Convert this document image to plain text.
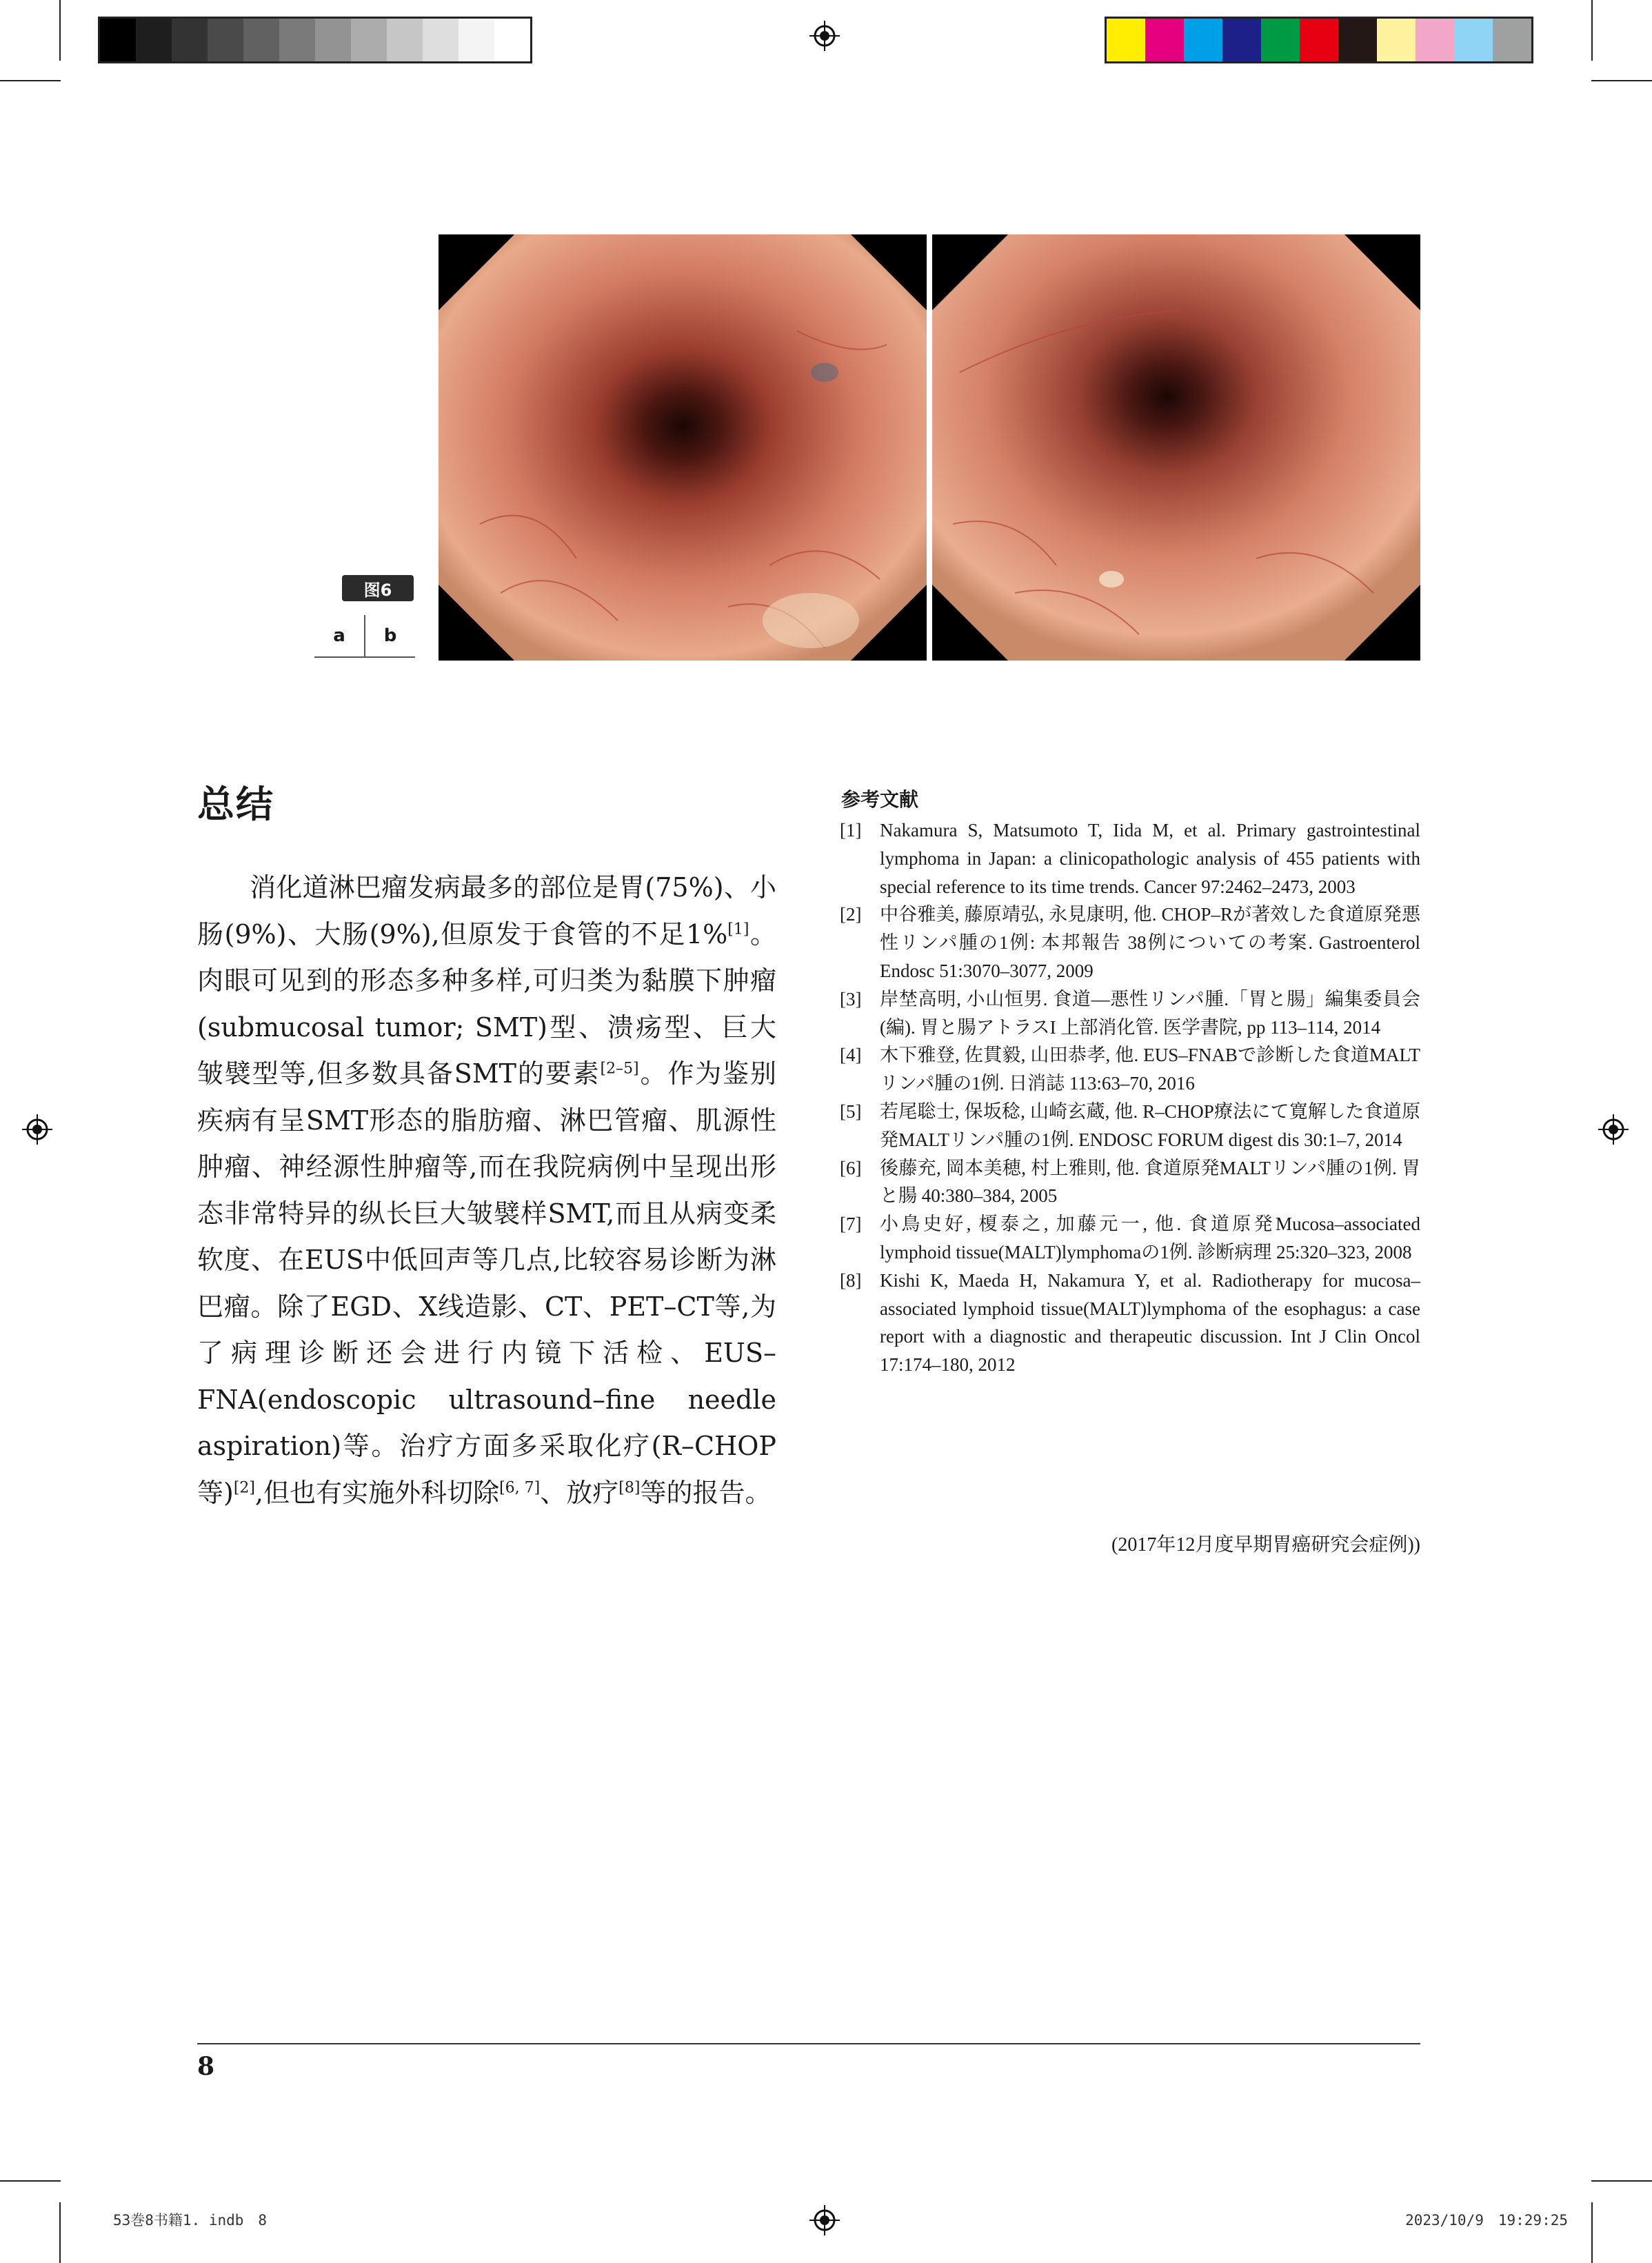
图6
a	b
总结

消化道淋巴瘤发病最多的部位是胃(75%)、小肠(9%)、大肠(9%),但原发于食管的不足1%[1]。肉眼可见到的形态多种多样,可归类为黏膜下肿瘤(submucosal tumor; SMT)型、溃疡型、巨大皱襞型等,但多数具备SMT的要素[2–5]。作为鉴别疾病有呈SMT形态的脂肪瘤、淋巴管瘤、肌源性肿瘤、神经源性肿瘤等,而在我院病例中呈现出形态非常特异的纵长巨大皱襞样SMT,而且从病变柔软度、在EUS中低回声等几点,比较容易诊断为淋巴瘤。除了EGD、X线造影、CT、PET–CT等,为了病理诊断还会进行内镜下活检、EUS–FNA(endoscopic ultrasound–fine needle aspiration)等。治疗方面多采取化疗(R–CHOP等)[2],但也有实施外科切除[6, 7]、放疗[8]等的报告。

参考文献
[1] Nakamura S, Matsumoto T, Iida M, et al. Primary gastrointestinal lymphoma in Japan: a clinicopathologic analysis of 455 patients with special reference to its time trends. Cancer 97:2462–2473, 2003
[2] 中谷雅美, 藤原靖弘, 永見康明, 他. CHOP–Rが著效した食道原発悪性リンパ腫の1例: 本邦報告 38例についての考案. Gastroenterol Endosc 51:3070–3077, 2009
[3] 岸埜高明, 小山恒男. 食道—悪性リンパ腫.「胃と腸」編集委員会(編). 胃と腸アトラスI 上部消化管. 医学書院, pp 113–114, 2014
[4] 木下雅登, 佐貫毅, 山田恭孝, 他. EUS–FNABで診断した食道MALTリンパ腫の1例. 日消誌 113:63–70, 2016
[5] 若尾聡士, 保坂稔, 山崎玄蔵, 他. R–CHOP療法にて寛解した食道原発MALTリンパ腫の1例. ENDOSC FORUM digest dis 30:1–7, 2014
[6] 後藤充, 岡本美穂, 村上雅則, 他. 食道原発MALTリンパ腫の1例. 胃と腸 40:380–384, 2005
[7] 小鳥史好, 榎泰之, 加藤元一, 他. 食道原発Mucosa–associated lymphoid tissue(MALT)lymphomaの1例. 診断病理 25:320–323, 2008
[8] Kishi K, Maeda H, Nakamura Y, et al. Radiotherapy for mucosa–associated lymphoid tissue(MALT)lymphoma of the esophagus: a case report with a diagnostic and therapeutic discussion. Int J Clin Oncol 17:174–180, 2012
(2017年12月度早期胃癌研究会症例))
8
53巻8书籍1. indb　8	2023/10/9　19:29:25
